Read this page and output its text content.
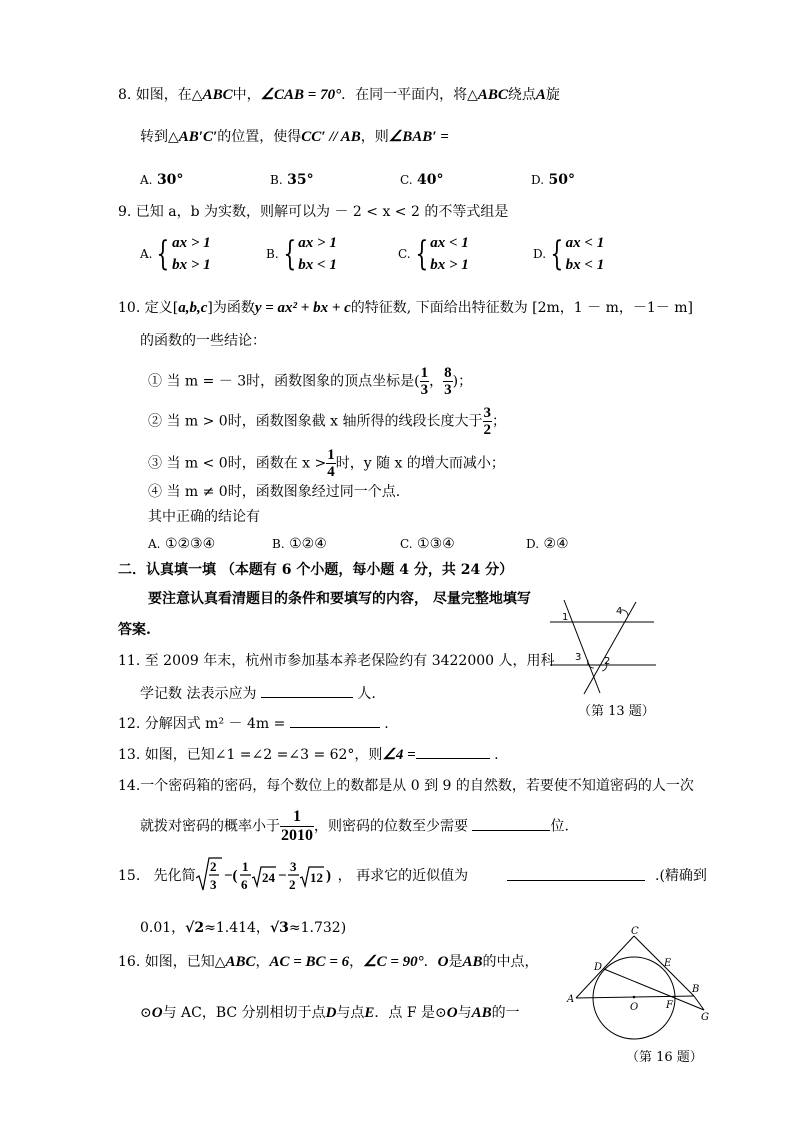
8. 如图，在△ABC中，∠CAB = 70°．在同一平面内，将△ABC绕点A旋
转到△AB′C′的位置，使得CC′ // AB，则∠BAB′ =
A. 30°	B. 35°	C. 40°	D. 50°
9. 已知 a，b 为实数，则解可以为 － 2 < x < 2 的不等式组是
A. { ax > 1
bx > 1
B. { ax > 1
bx < 1
C. { ax < 1
bx > 1
D. { ax < 1
bx < 1
10. 定义[a,b,c]为函数y = ax² + bx + c的特征数, 下面给出特征数为 [2m，1 － m，－1－ m]
的函数的一些结论：
① 当 m = － 3时，函数图象的顶点坐标是( $\frac{1}{3}$ ， $\frac{8}{3}$ )；
② 当 m > 0时，函数图象截 x 轴所得的线段长度大于 $\frac{3}{2}$ ；
③ 当 m < 0时，函数在 $x > \frac{1}{4}$ 时，y 随 x 的增大而减小；
④ 当 m ≠ 0时，函数图象经过同一个点.
其中正确的结论有
A. ①②③④	B. ①②④	C. ①③④	D. ②④
二．认真填一填 （本题有 6 个小题，每小题 4 分，共 24 分）
要注意认真看清题目的条件和要填写的内容， 尽量完整地填写
答案.
1
4
3 2
（第 13 题）
11. 至 2009 年末，杭州市参加基本养老保险约有 3422000 人，用科
学记数 法表示应为	人.
12. 分解因式 m² － 4m =	.
13. 如图，已知∠1 =∠2 =∠3 = 62°，则∠4 =	.
14.一个密码箱的密码，每个数位上的数都是从 0 到 9 的自然数，若要使不知道密码的人一次
就拨对密码的概率小于 $\frac{1}{2010}$ ，则密码的位数至少需要	位.
15. 先化简
2
3
−(
1
6 24 −
3
2 12 ) ， 再求它的近似值为	.(精确到
0.01，√2≈1.414，√3≈1.732)
16. 如图，已知△ABC，AC = BC = 6，∠C = 90°．O是AB的中点，
⊙O与 AC，BC 分别相切于点D与点E．点 F 是⊙O与AB的一
C
D	E
A
O	F
B
G
（第 16 题）
